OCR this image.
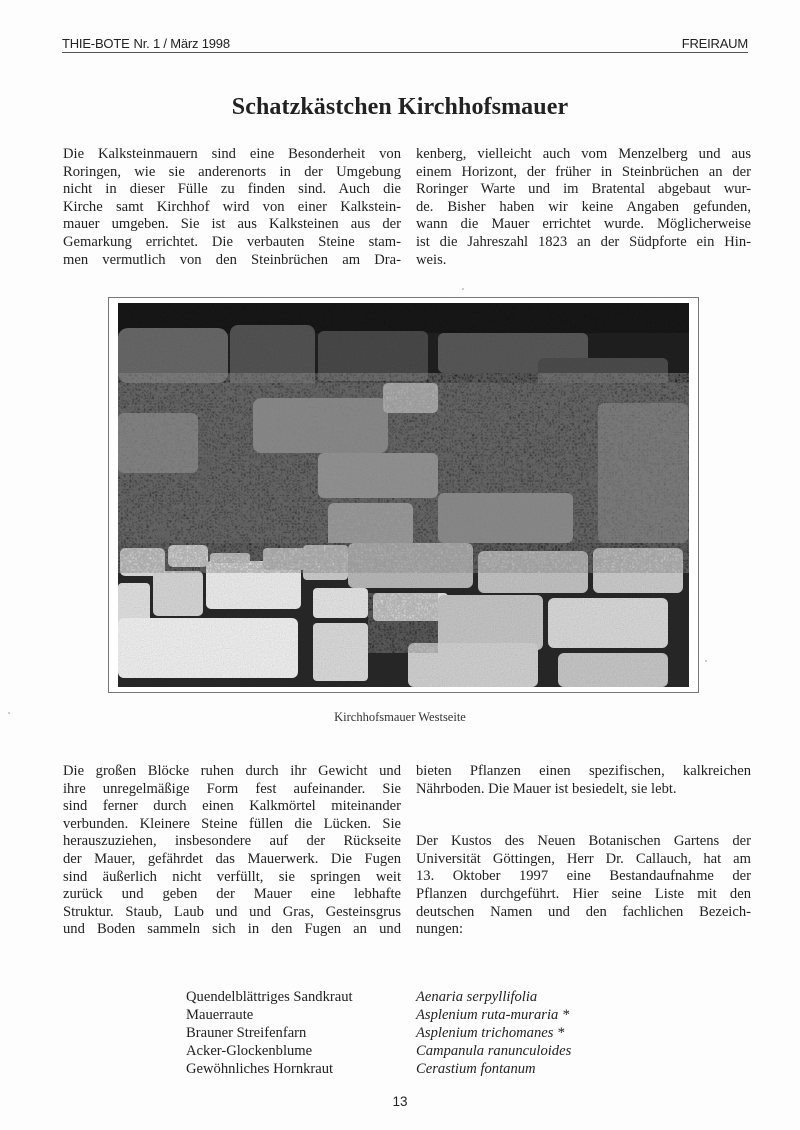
THIE-BOTE Nr. 1 / März 1998	FREIRAUM
Schatzkästchen Kirchhofsmauer
Die Kalksteinmauern sind eine Besonderheit von
Roringen, wie sie anderenorts in der Umgebung
nicht in dieser Fülle zu finden sind. Auch die
Kirche samt Kirchhof wird von einer Kalkstein-
mauer umgeben. Sie ist aus Kalksteinen aus der
Gemarkung errichtet. Die verbauten Steine stam-
men vermutlich von den Steinbrüchen am Dra-
kenberg, vielleicht auch vom Menzelberg und aus
einem Horizont, der früher in Steinbrüchen an der
Roringer Warte und im Bratental abgebaut wur-
de. Bisher haben wir keine Angaben gefunden,
wann die Mauer errichtet wurde. Möglicherweise
ist die Jahreszahl 1823 an der Südpforte ein Hin-
weis.
Kirchhofsmauer Westseite
Die großen Blöcke ruhen durch ihr Gewicht und
ihre unregelmäßige Form fest aufeinander. Sie
sind ferner durch einen Kalkmörtel miteinander
verbunden. Kleinere Steine füllen die Lücken. Sie
herauszuziehen, insbesondere auf der Rückseite
der Mauer, gefährdet das Mauerwerk. Die Fugen
sind äußerlich nicht verfüllt, sie springen weit
zurück und geben der Mauer eine lebhafte
Struktur. Staub, Laub und und Gras, Gesteinsgrus
und Boden sammeln sich in den Fugen an und
bieten Pflanzen einen spezifischen, kalkreichen
Nährboden. Die Mauer ist besiedelt, sie lebt.
Der Kustos des Neuen Botanischen Gartens der
Universität Göttingen, Herr Dr. Callauch, hat am
13. Oktober 1997 eine Bestandaufnahme der
Pflanzen durchgeführt. Hier seine Liste mit den
deutschen Namen und den fachlichen Bezeich-
nungen:
Quendelblättriges Sandkraut	Aenaria serpyllifolia
Mauerraute	Asplenium ruta-muraria *
Brauner Streifenfarn	Asplenium trichomanes *
Acker-Glockenblume	Campanula ranunculoides
Gewöhnliches Hornkraut	Cerastium fontanum
13
